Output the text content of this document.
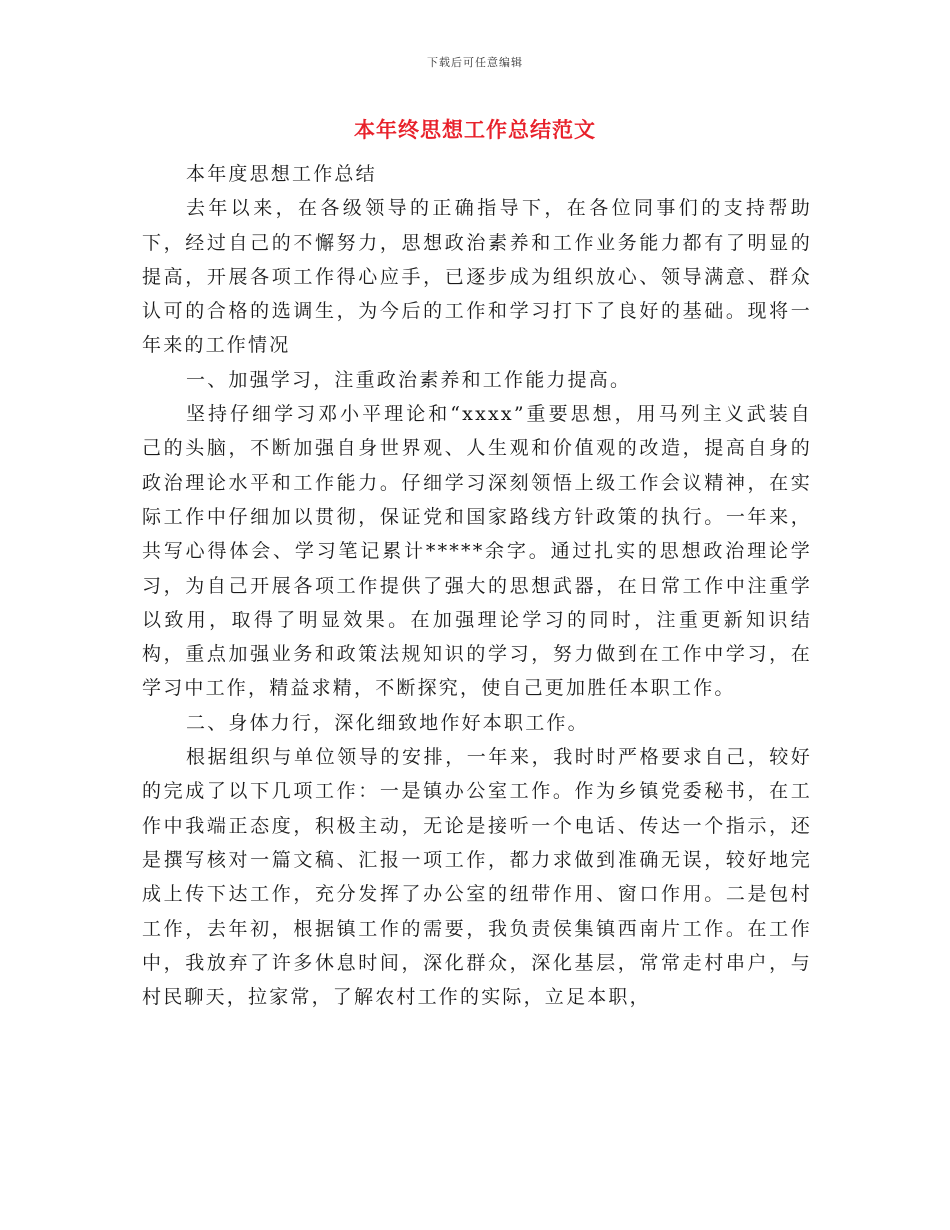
下载后可任意编辑
本年终思想工作总结范文

本年度思想工作总结

去年以来，在各级领导的正确指导下，在各位同事们的支持帮助下，经过自己的不懈努力，思想政治素养和工作业务能力都有了明显的提高，开展各项工作得心应手，已逐步成为组织放心、领导满意、群众认可的合格的选调生，为今后的工作和学习打下了良好的基础。现将一年来的工作情况

一、加强学习，注重政治素养和工作能力提高。

坚持仔细学习邓小平理论和“xxxx”重要思想，用马列主义武装自己的头脑，不断加强自身世界观、人生观和价值观的改造，提高自身的政治理论水平和工作能力。仔细学习深刻领悟上级工作会议精神，在实际工作中仔细加以贯彻，保证党和国家路线方针政策的执行。一年来，共写心得体会、学习笔记累计*****余字。通过扎实的思想政治理论学习，为自己开展各项工作提供了强大的思想武器，在日常工作中注重学以致用，取得了明显效果。在加强理论学习的同时，注重更新知识结构，重点加强业务和政策法规知识的学习，努力做到在工作中学习，在学习中工作，精益求精，不断探究，使自己更加胜任本职工作。

二、身体力行，深化细致地作好本职工作。

根据组织与单位领导的安排，一年来，我时时严格要求自己，较好的完成了以下几项工作：一是镇办公室工作。作为乡镇党委秘书，在工作中我端正态度，积极主动，无论是接听一个电话、传达一个指示，还是撰写核对一篇文稿、汇报一项工作，都力求做到准确无误，较好地完成上传下达工作，充分发挥了办公室的纽带作用、窗口作用。二是包村工作，去年初，根据镇工作的需要，我负责侯集镇西南片工作。在工作中，我放弃了许多休息时间，深化群众，深化基层，常常走村串户，与村民聊天，拉家常，了解农村工作的实际，立足本职，
